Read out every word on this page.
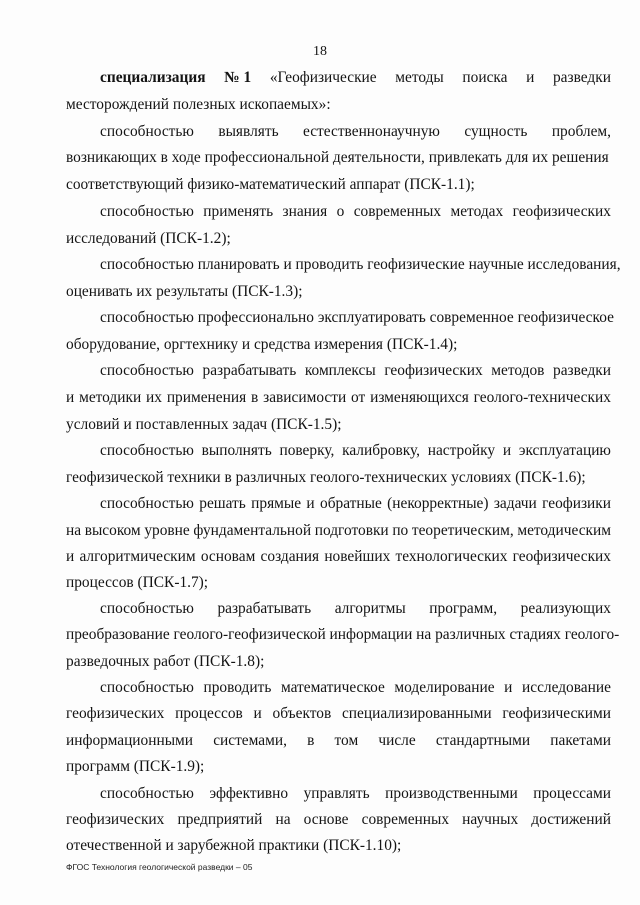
18
специализация № 1 «Геофизические методы поиска и разведки
месторождений полезных ископаемых»:
способностью выявлять естественнонаучную сущность проблем,
возникающих в ходе профессиональной деятельности, привлекать для их решения
соответствующий физико-математический аппарат (ПСК-1.1);
способностью применять знания о современных методах геофизических
исследований (ПСК-1.2);
способностью планировать и проводить геофизические научные исследования,
оценивать их результаты (ПСК-1.3);
способностью профессионально эксплуатировать современное геофизическое
оборудование, оргтехнику и средства измерения (ПСК-1.4);
способностью разрабатывать комплексы геофизических методов разведки
и методики их применения в зависимости от изменяющихся геолого-технических
условий и поставленных задач (ПСК-1.5);
способностью выполнять поверку, калибровку, настройку и эксплуатацию
геофизической техники в различных геолого-технических условиях (ПСК-1.6);
способностью решать прямые и обратные (некорректные) задачи геофизики
на высоком уровне фундаментальной подготовки по теоретическим, методическим
и алгоритмическим основам создания новейших технологических геофизических
процессов (ПСК-1.7);
способностью разрабатывать алгоритмы программ, реализующих
преобразование геолого-геофизической информации на различных стадиях геолого-
разведочных работ (ПСК-1.8);
способностью проводить математическое моделирование и исследование
геофизических процессов и объектов специализированными геофизическими
информационными системами, в том числе стандартными пакетами
программ (ПСК-1.9);
способностью эффективно управлять производственными процессами
геофизических предприятий на основе современных научных достижений
отечественной и зарубежной практики (ПСК-1.10);
ФГОС Технология геологической разведки – 05
